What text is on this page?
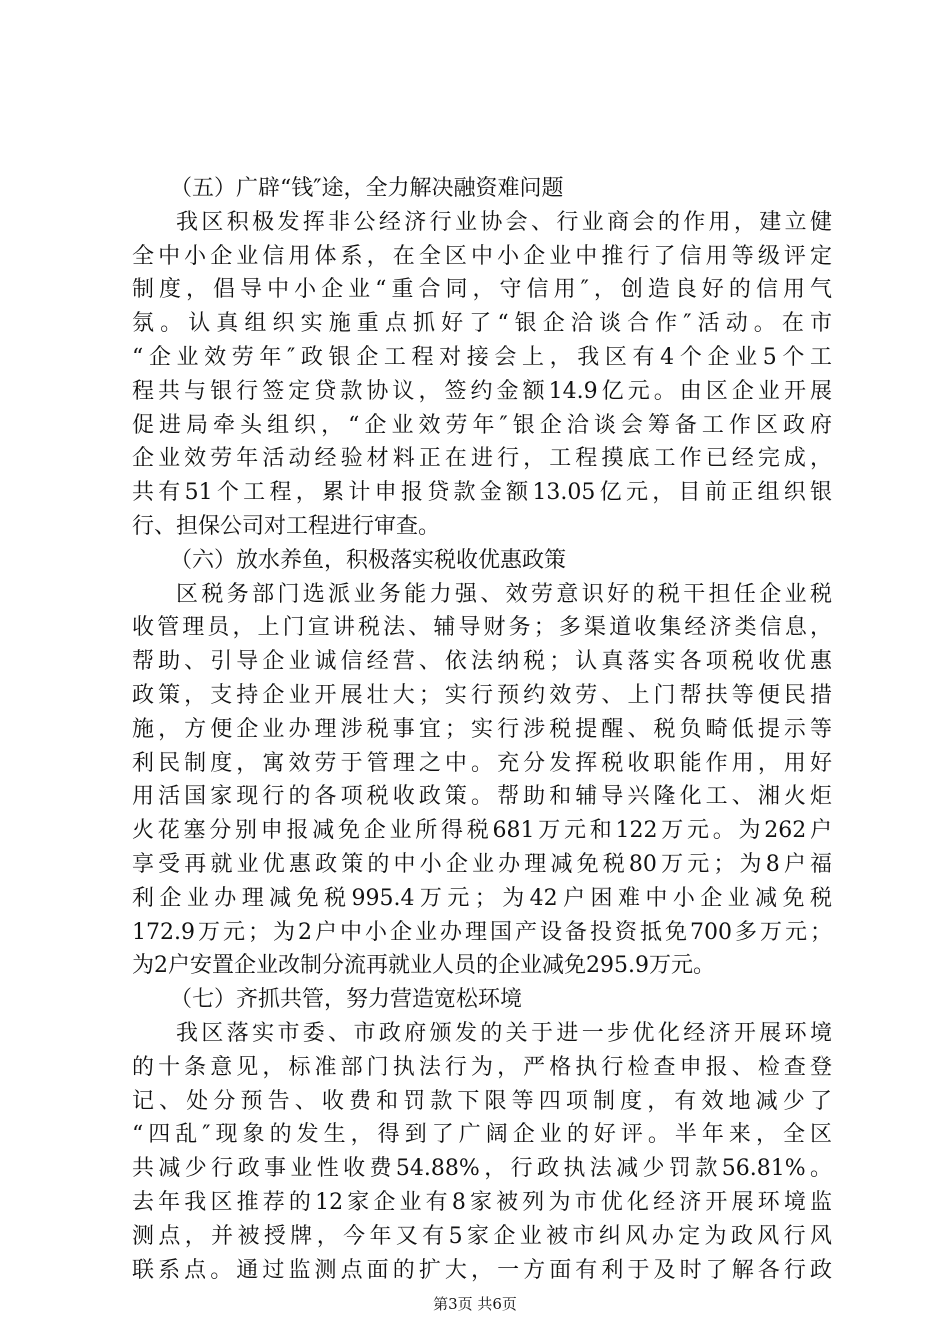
（五）广辟“钱″途，全力解决融资难问题
我区积极发挥非公经济行业协会、行业商会的作用，建立健
全中小企业信用体系，在全区中小企业中推行了信用等级评定
制度，倡导中小企业“重合同，守信用″，创造良好的信用气
氛。认真组织实施重点抓好了“银企洽谈合作″活动。在市
“企业效劳年″政银企工程对接会上，我区有4个企业5个工
程共与银行签定贷款协议，签约金额14.9亿元。由区企业开展
促进局牵头组织，“企业效劳年″银企洽谈会筹备工作区政府
企业效劳年活动经验材料正在进行，工程摸底工作已经完成，
共有51个工程，累计申报贷款金额13.05亿元，目前正组织银
行、担保公司对工程进行审查。
（六）放水养鱼，积极落实税收优惠政策
区税务部门选派业务能力强、效劳意识好的税干担任企业税
收管理员，上门宣讲税法、辅导财务；多渠道收集经济类信息，
帮助、引导企业诚信经营、依法纳税；认真落实各项税收优惠
政策，支持企业开展壮大；实行预约效劳、上门帮扶等便民措
施，方便企业办理涉税事宜；实行涉税提醒、税负畸低提示等
利民制度，寓效劳于管理之中。充分发挥税收职能作用，用好
用活国家现行的各项税收政策。帮助和辅导兴隆化工、湘火炬
火花塞分别申报减免企业所得税681万元和122万元。为262户
享受再就业优惠政策的中小企业办理减免税80万元；为8户福
利企业办理减免税995.4万元；为42户困难中小企业减免税
172.9万元；为2户中小企业办理国产设备投资抵免700多万元；
为2户安置企业改制分流再就业人员的企业减免295.9万元。
（七）齐抓共管，努力营造宽松环境
我区落实市委、市政府颁发的关于进一步优化经济开展环境
的十条意见，标准部门执法行为，严格执行检查申报、检查登
记、处分预告、收费和罚款下限等四项制度，有效地减少了
“四乱″现象的发生，得到了广阔企业的好评。半年来，全区
共减少行政事业性收费54.88%，行政执法减少罚款56.81%。
去年我区推荐的12家企业有8家被列为市优化经济开展环境监
测点，并被授牌，今年又有5家企业被市纠风办定为政风行风
联系点。通过监测点面的扩大，一方面有利于及时了解各行政
第3页 共6页
